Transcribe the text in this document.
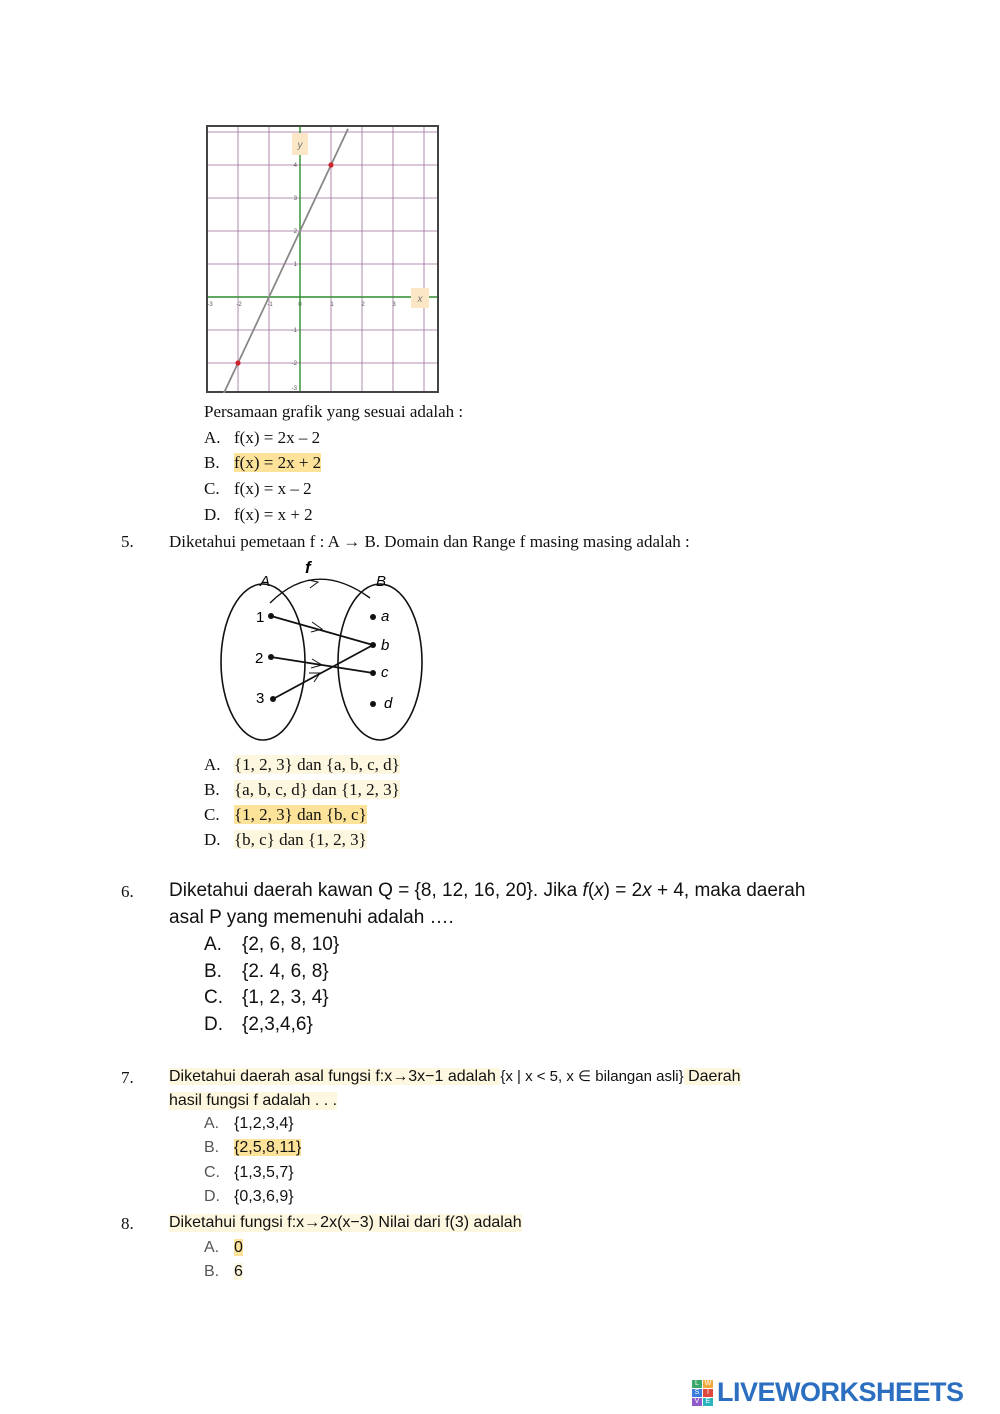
y
x
-3	-2	-1	0	1	2	3
4
3
2
1
-1
-2
-3
Persamaan grafik yang sesuai adalah :
A. f(x) = 2x – 2
B. f(x) = 2x + 2
C. f(x) = x – 2
D. f(x) = x + 2
5. Diketahui pemetaan f : A → B. Domain dan Range f masing masing adalah :
A	B
f
1
2
3
a
b
c
d
A. {1, 2, 3} dan {a, b, c, d}
B. {a, b, c, d} dan {1, 2, 3}
C. {1, 2, 3} dan {b, c}
D. {b, c} dan {1, 2, 3}
6. Diketahui daerah kawan Q = {8, 12, 16, 20}. Jika f(x) = 2x + 4, maka daerah
asal P yang memenuhi adalah ….
A. {2, 6, 8, 10}
B. {2. 4, 6, 8}
C. {1, 2, 3, 4}
D. {2,3,4,6}
7. Diketahui daerah asal fungsi f:x→3x−1 adalah {x | x < 5, x ∈ bilangan asli} Daerah
hasil fungsi f adalah . . .
A. {1,2,3,4}
B. {2,5,8,11}
C. {1,3,5,7}
D. {0,3,6,9}
8. Diketahui fungsi f:x→2x(x−3) Nilai dari f(3) adalah
A. 0
B. 6
L W
S	I
V E LIVEWORKSHEETS
